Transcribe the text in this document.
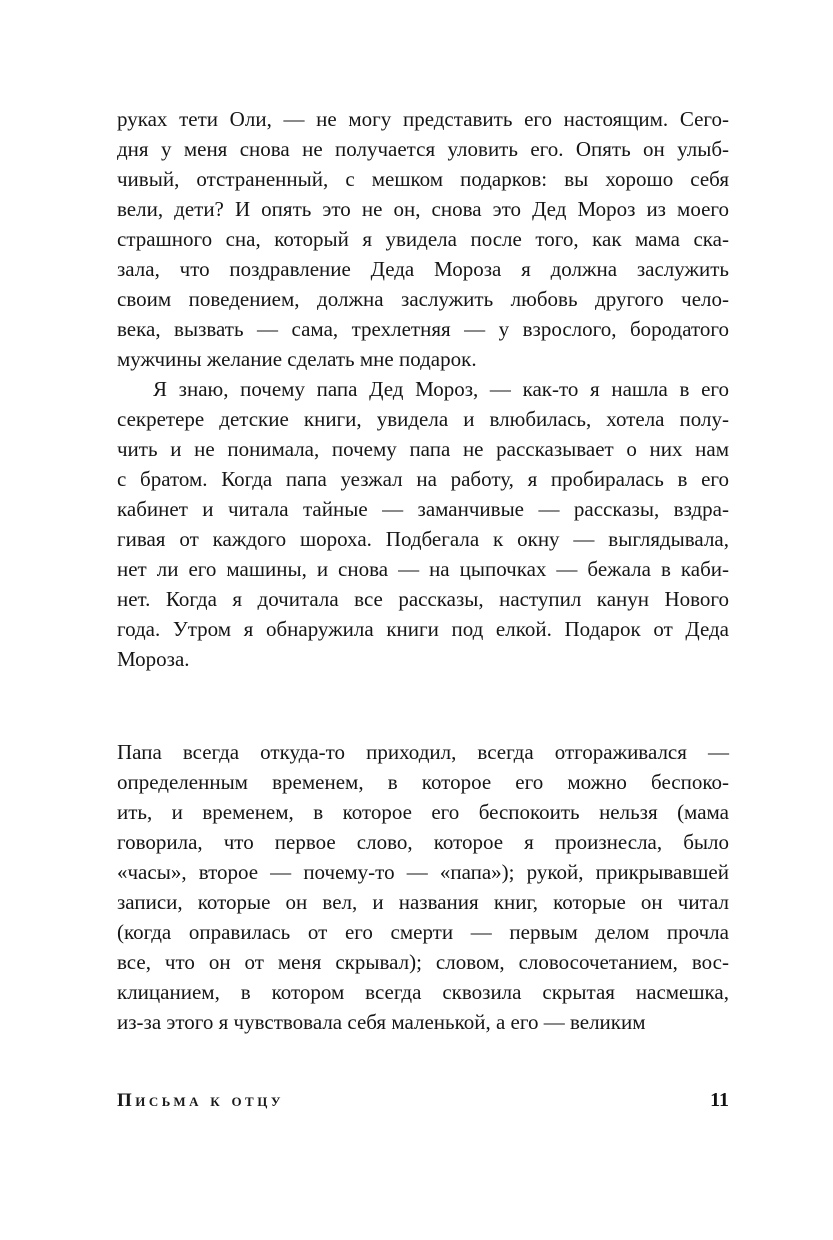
руках тети Оли, — не могу представить его настоящим. Сего-
дня у меня снова не получается уловить его. Опять он улыб-
чивый, отстраненный, с мешком подарков: вы хорошо себя
вели, дети? И опять это не он, снова это Дед Мороз из моего
страшного сна, который я увидела после того, как мама ска-
зала, что поздравление Деда Мороза я должна заслужить
своим поведением, должна заслужить любовь другого чело-
века, вызвать — сама, трехлетняя — у взрослого, бородатого
мужчины желание сделать мне подарок.

Я знаю, почему папа Дед Мороз, — как-то я нашла в его
секретере детские книги, увидела и влюбилась, хотела полу-
чить и не понимала, почему папа не рассказывает о них нам
с братом. Когда папа уезжал на работу, я пробиралась в его
кабинет и читала тайные — заманчивые — рассказы, вздра-
гивая от каждого шороха. Подбегала к окну — выглядывала,
нет ли его машины, и снова — на цыпочках — бежала в каби-
нет. Когда я дочитала все рассказы, наступил канун Нового
года. Утром я обнаружила книги под елкой. Подарок от Деда
Мороза.

Папа всегда откуда-то приходил, всегда отгораживался —
определенным временем, в которое его можно беспоко-
ить, и временем, в которое его беспокоить нельзя (мама
говорила, что первое слово, которое я произнесла, было
«часы», второе — почему-то — «папа»); рукой, прикрывавшей
записи, которые он вел, и названия книг, которые он читал
(когда оправилась от его смерти — первым делом прочла
все, что он от меня скрывал); словом, словосочетанием, вос-
клицанием, в котором всегда сквозила скрытая насмешка,
из-за этого я чувствовала себя маленькой, а его — великим

Письма к отцу	11
